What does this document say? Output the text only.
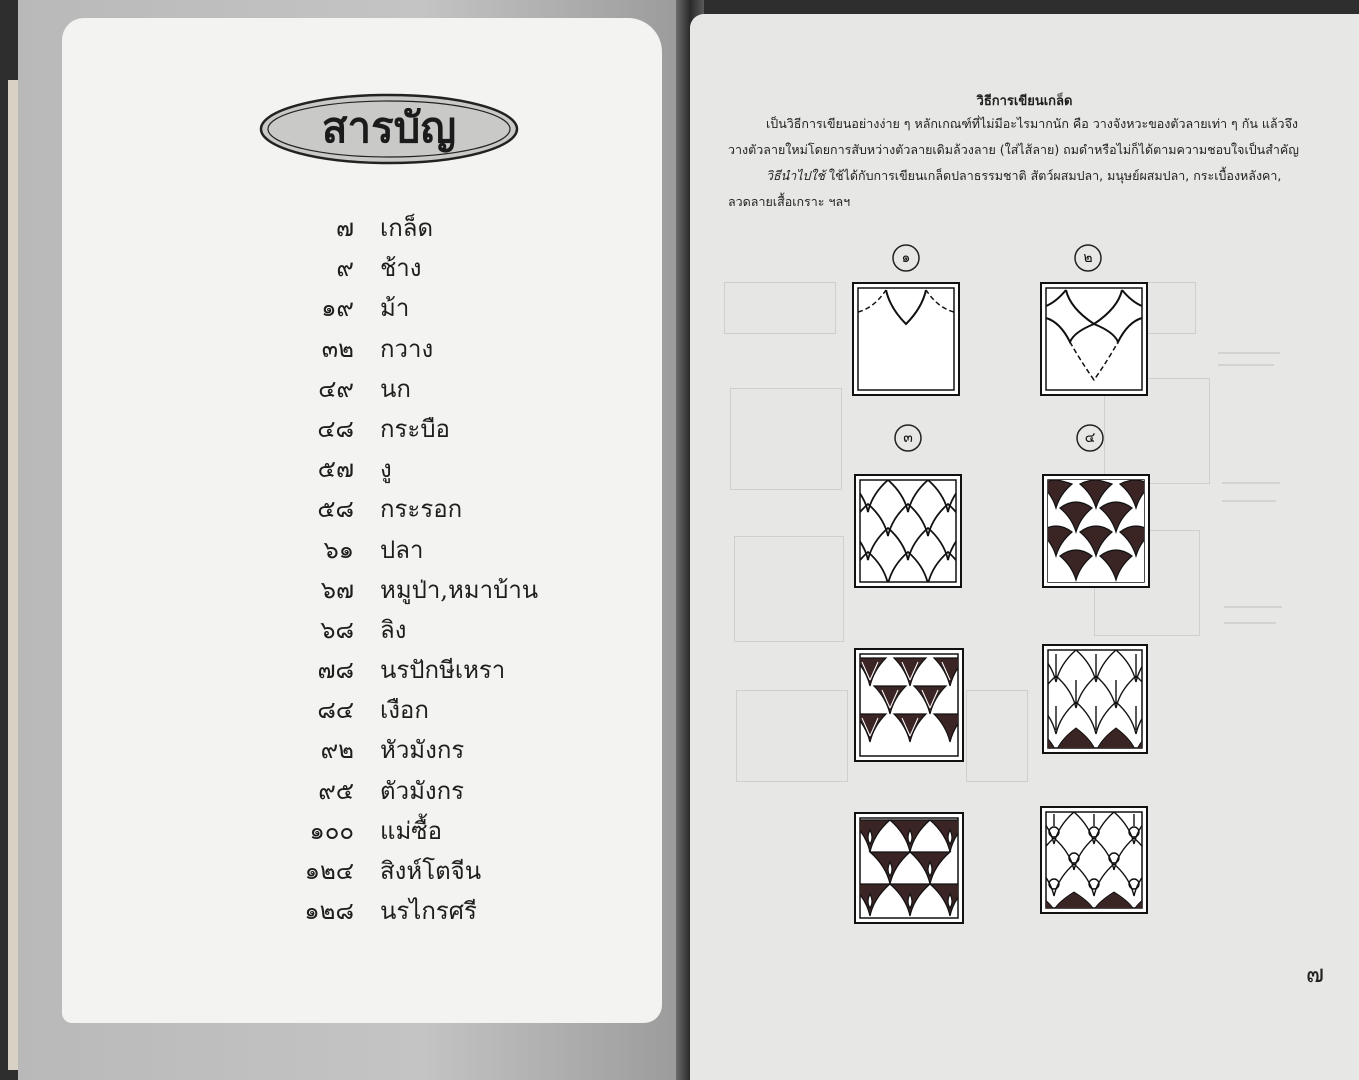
สารบัญ
๗ เกล็ด
๙ ช้าง
๑๙ ม้า
๓๒ กวาง
๔๙ นก
๔๘ กระบือ
๕๗ งู
๕๘ กระรอก
๖๑ ปลา
๖๗ หมูป่า,หมาบ้าน
๖๘ ลิง
๗๘ นรปักษีเหรา
๘๔ เงือก
๙๒ หัวมังกร
๙๕ ตัวมังกร
๑๐๐ แม่ซื้อ
๑๒๔ สิงห์โตจีน
๑๒๘ นรไกรศรี
วิธีการเขียนเกล็ด
เป็นวิธีการเขียนอย่างง่าย ๆ หลักเกณฑ์ที่ไม่มีอะไรมากนัก คือ วางจังหวะของตัวลายเท่า ๆ กัน แล้วจึง
วางตัวลายใหม่โดยการสับหว่างตัวลายเดิมล้วงลาย (ใส่ไส้ลาย) ถมดำหรือไม่ก็ได้ตามความชอบใจเป็นสำคัญ
วิธีนำไปใช้ ใช้ได้กับการเขียนเกล็ดปลาธรรมชาติ สัตว์ผสมปลา, มนุษย์ผสมปลา, กระเบื้องหลังคา,
ลวดลายเสื้อเกราะ ฯลฯ
๑	๒
๓	๔
๗
